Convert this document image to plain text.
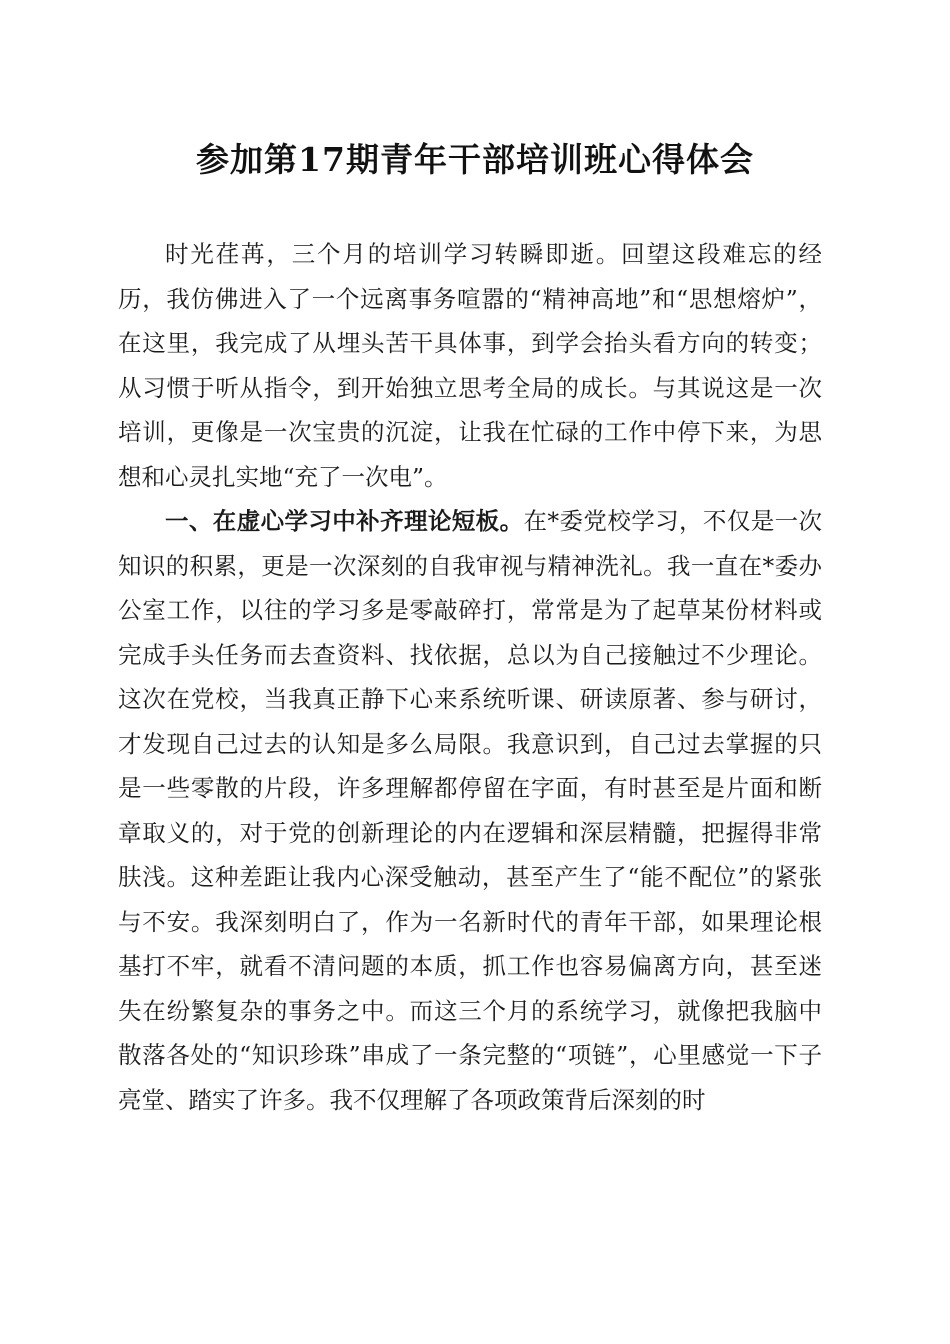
参加第17期青年干部培训班心得体会

时光荏苒，三个月的培训学习转瞬即逝。回望这段难忘的经历，我仿佛进入了一个远离事务喧嚣的“精神高地”和“思想熔炉”，在这里，我完成了从埋头苦干具体事，到学会抬头看方向的转变；从习惯于听从指令，到开始独立思考全局的成长。与其说这是一次培训，更像是一次宝贵的沉淀，让我在忙碌的工作中停下来，为思想和心灵扎实地“充了一次电”。

一、在虚心学习中补齐理论短板。在*委党校学习，不仅是一次知识的积累，更是一次深刻的自我审视与精神洗礼。我一直在*委办公室工作，以往的学习多是零敲碎打，常常是为了起草某份材料或完成手头任务而去查资料、找依据，总以为自己接触过不少理论。这次在党校，当我真正静下心来系统听课、研读原著、参与研讨，才发现自己过去的认知是多么局限。我意识到，自己过去掌握的只是一些零散的片段，许多理解都停留在字面，有时甚至是片面和断章取义的，对于党的创新理论的内在逻辑和深层精髓，把握得非常肤浅。这种差距让我内心深受触动，甚至产生了“能不配位”的紧张与不安。我深刻明白了，作为一名新时代的青年干部，如果理论根基打不牢，就看不清问题的本质，抓工作也容易偏离方向，甚至迷失在纷繁复杂的事务之中。而这三个月的系统学习，就像把我脑中散落各处的“知识珍珠”串成了一条完整的“项链”，心里感觉一下子亮堂、踏实了许多。我不仅理解了各项政策背后深刻的时
